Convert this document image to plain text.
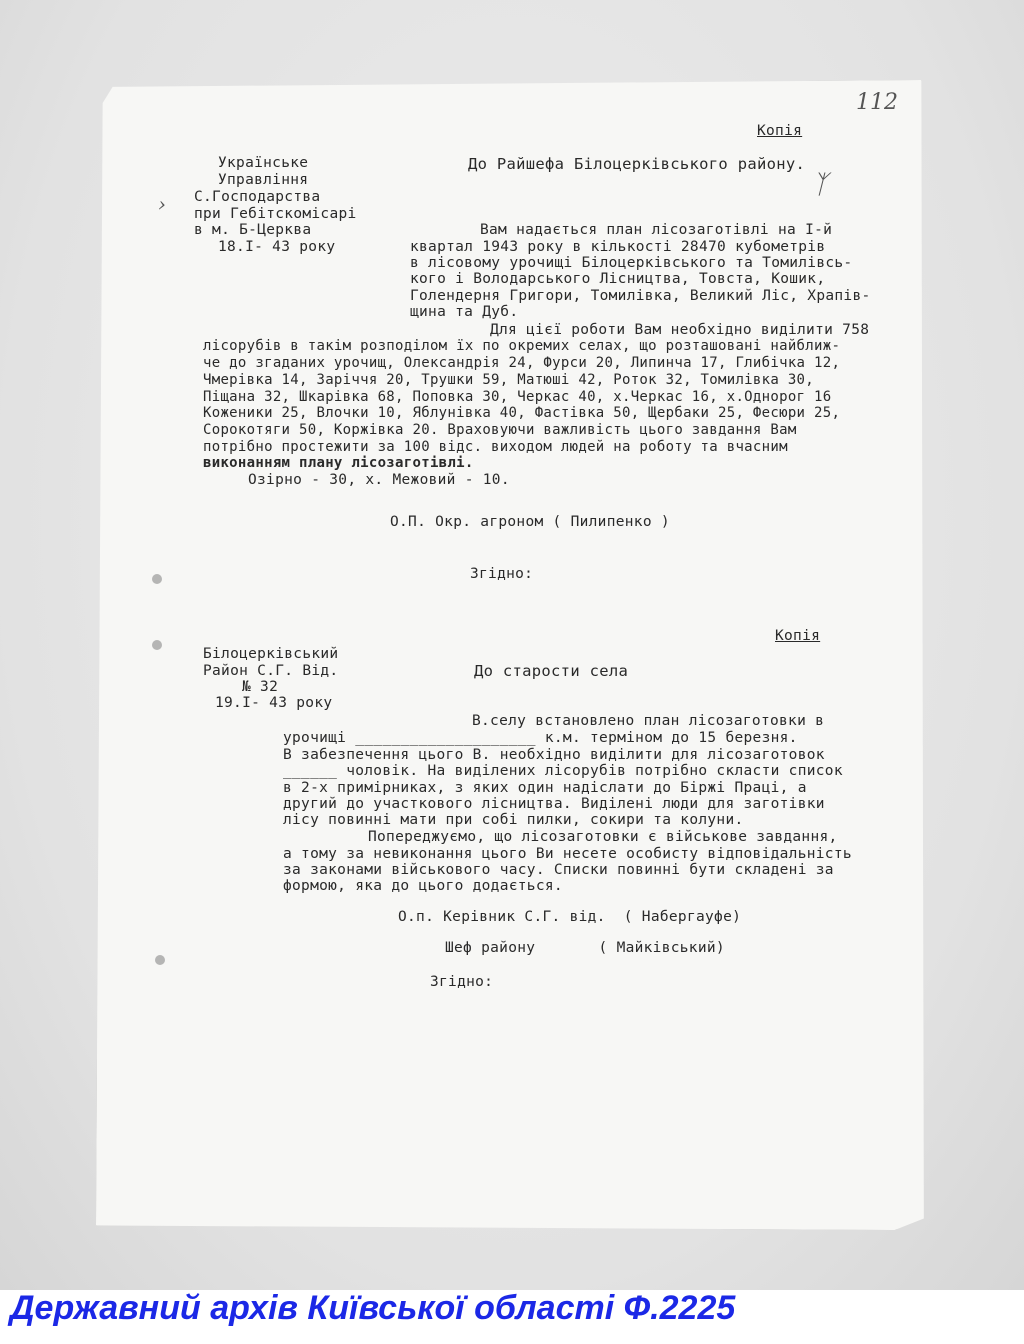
112
ᛉ
›
Копія
Українське
Управління
С.Господарства
при Гебітскомісарі
в м. Б-Церква
18.I- 43 року
До Райшефа Білоцерківського району.
Вам надається план лісозаготівлі на I-й
квартал 1943 року в кількості 28470 кубометрів
в лісовому урочищі Білоцерківського та Томилівсь-
кого і Володарського Лісництва, Товста, Кошик,
Голендерня Григори, Томилівка, Великий Ліс, Храпів-
щина та Дуб.
Для цієї роботи Вам необхідно виділити 758
лісорубів в такім розподілом їх по окремих селах, що розташовані найближ-
че до згаданих урочищ, Олександрія 24, Фурси 20, Липинча 17, Глибічка 12,
Чмерівка 14, Заріччя 20, Трушки 59, Матюші 42, Роток 32, Томилівка 30,
Піщана 32, Шкарівка 68, Поповка 30, Черкас 40, х.Черкас 16, х.Однорог 16
Коженики 25, Влочки 10, Яблунівка 40, Фастівка 50, Щербаки 25, Фесюри 25,
Сорокотяги 50, Коржівка 20. Враховуючи важливість цього завдання Вам
потрібно простежити за 100 відс. виходом людей на роботу та вчасним
виконанням плану лісозаготівлі.
Озірно - 30, х. Межовий - 10.
О.П. Окр. агроном ( Пилипенко )
Згідно:
Копія
Білоцерківський
Район С.Г. Від.
№ 32
19.I- 43 року
До старости села
В.селу встановлено план лісозаготовки в
урочищі ____________________ к.м. терміном до 15 березня.
В забезпечення цього В. необхідно виділити для лісозаготовок
______ чоловік. На виділених лісорубів потрібно скласти список
в 2-х примірниках, з яких один надіслати до Біржі Праці, а
другий до участкового лісництва. Виділені люди для заготівки
лісу повинні мати при собі пилки, сокири та колуни.
Попереджуємо, що лісозаготовки є військове завдання,
а тому за невиконання цього Ви несете особисту відповідальність
за законами військового часу. Списки повинні бути складені за
формою, яка до цього додається.
О.п. Керівник С.Г. від.  ( Набергауфе)
Шеф району       ( Майківський)
Згідно:
Державний архів Київської області Ф.2225
